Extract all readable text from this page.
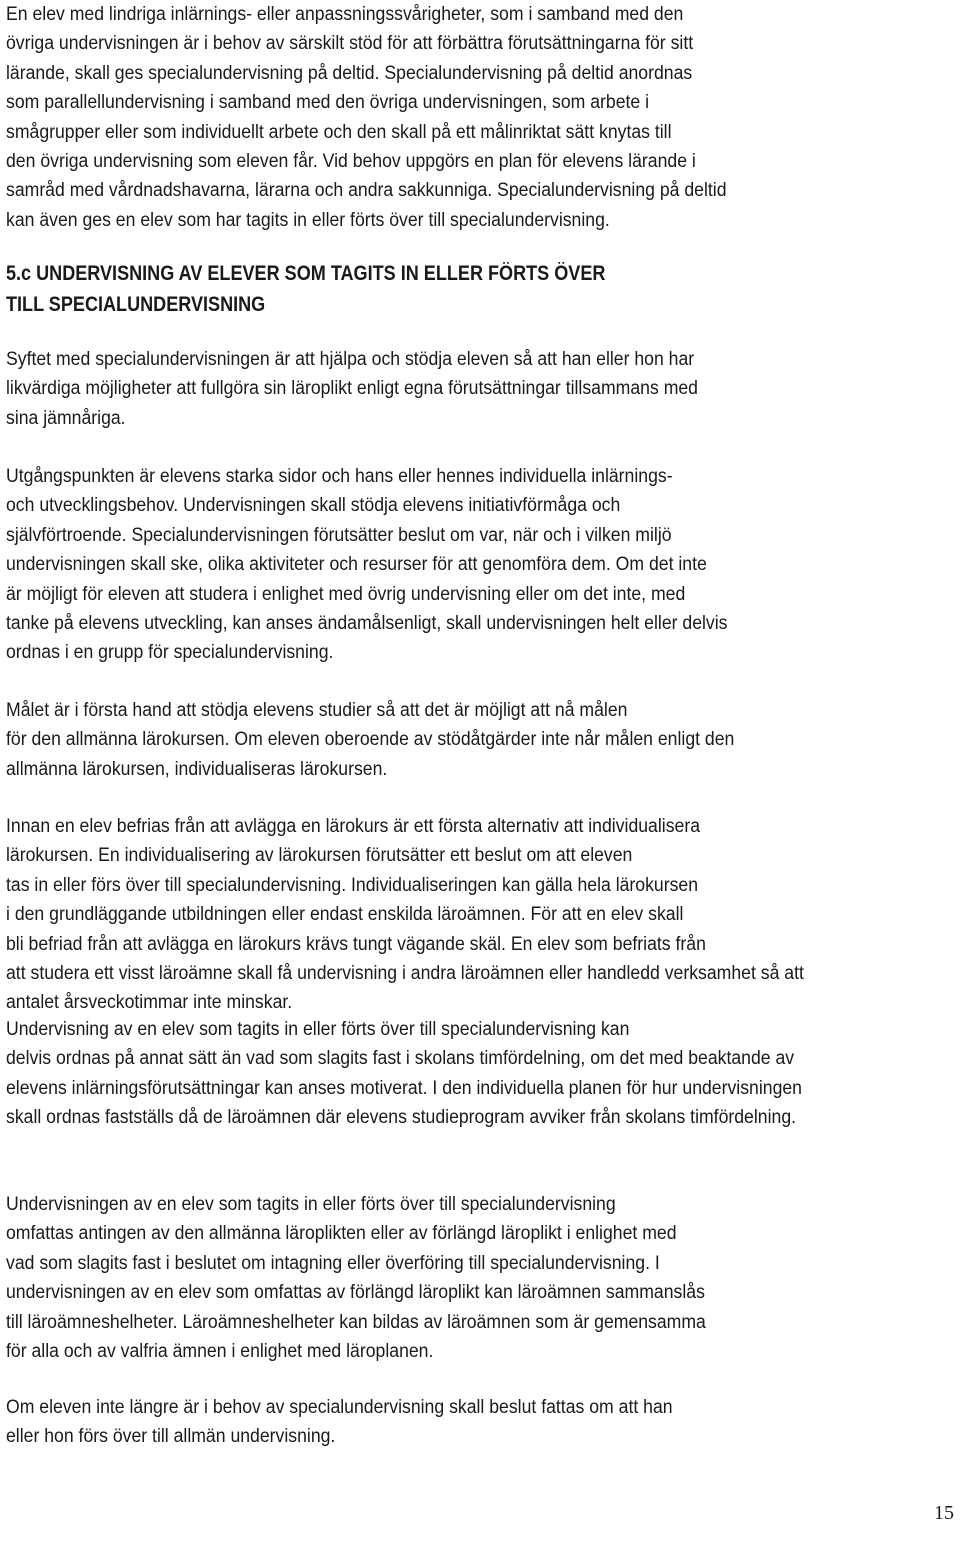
En elev med lindriga inlärnings- eller anpassningssvårigheter, som i samband med den
övriga undervisningen är i behov av särskilt stöd för att förbättra förutsättningarna för sitt
lärande, skall ges specialundervisning på deltid. Specialundervisning på deltid anordnas
som parallellundervisning i samband med den övriga undervisningen, som arbete i
smågrupper eller som individuellt arbete och den skall på ett målinriktat sätt knytas till
den övriga undervisning som eleven får. Vid behov uppgörs en plan för elevens lärande i
samråd med vårdnadshavarna, lärarna och andra sakkunniga. Specialundervisning på deltid
kan även ges en elev som har tagits in eller förts över till specialundervisning.
5.c UNDERVISNING AV ELEVER SOM TAGITS IN ELLER FÖRTS ÖVER
TILL SPECIALUNDERVISNING
Syftet med specialundervisningen är att hjälpa och stödja eleven så att han eller hon har
likvärdiga möjligheter att fullgöra sin läroplikt enligt egna förutsättningar tillsammans med
sina jämnåriga.
Utgångspunkten är elevens starka sidor och hans eller hennes individuella inlärnings-
och utvecklingsbehov. Undervisningen skall stödja elevens initiativförmåga och
självförtroende. Specialundervisningen förutsätter beslut om var, när och i vilken miljö
undervisningen skall ske, olika aktiviteter och resurser för att genomföra dem. Om det inte
är möjligt för eleven att studera i enlighet med övrig undervisning eller om det inte, med
tanke på elevens utveckling, kan anses ändamålsenligt, skall undervisningen helt eller delvis
ordnas i en grupp för specialundervisning.
Målet är i första hand att stödja elevens studier så att det är möjligt att nå målen
för den allmänna lärokursen. Om eleven oberoende av stödåtgärder inte når målen enligt den
allmänna lärokursen, individualiseras lärokursen.
Innan en elev befrias från att avlägga en lärokurs är ett första alternativ att individualisera
lärokursen. En individualisering av lärokursen förutsätter ett beslut om att eleven
tas in eller förs över till specialundervisning. Individualiseringen kan gälla hela lärokursen
i den grundläggande utbildningen eller endast enskilda läroämnen. För att en elev skall
bli befriad från att avlägga en lärokurs krävs tungt vägande skäl. En elev som befriats från
att studera ett visst läroämne skall få undervisning i andra läroämnen eller handledd verksamhet så att
antalet årsveckotimmar inte minskar.
Undervisning av en elev som tagits in eller förts över till specialundervisning kan
delvis ordnas på annat sätt än vad som slagits fast i skolans timfördelning, om det med beaktande av
elevens inlärningsförutsättningar kan anses motiverat. I den individuella planen för hur undervisningen
skall ordnas fastställs då de läroämnen där elevens studieprogram avviker från skolans timfördelning.
Undervisningen av en elev som tagits in eller förts över till specialundervisning
omfattas antingen av den allmänna läroplikten eller av förlängd läroplikt i enlighet med
vad som slagits fast i beslutet om intagning eller överföring till specialundervisning. I
undervisningen av en elev som omfattas av förlängd läroplikt kan läroämnen sammanslås
till läroämneshelheter. Läroämneshelheter kan bildas av läroämnen som är gemensamma
för alla och av valfria ämnen i enlighet med läroplanen.
Om eleven inte längre är i behov av specialundervisning skall beslut fattas om att han
eller hon förs över till allmän undervisning.
15
